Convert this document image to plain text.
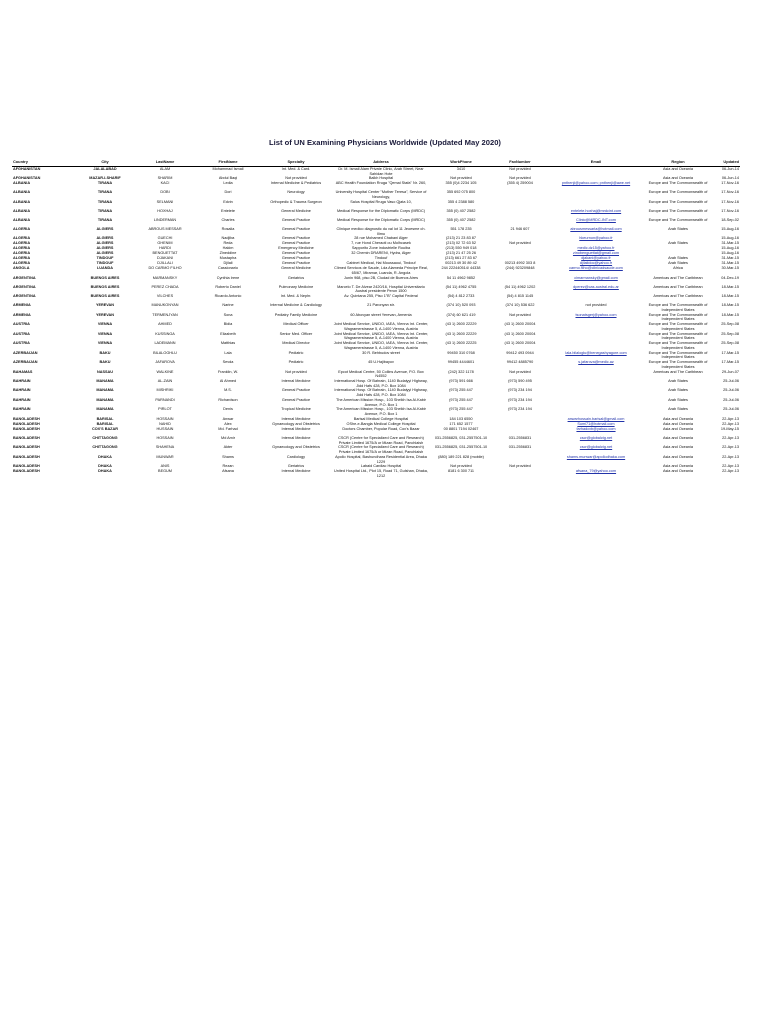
List of UN Examining Physicians Worldwide (Updated May 2020)
Country	City	LastName	FirstName	Specialty	Address	WorkPhone	FaxNumber	Email	Region	Updated
AFGHANISTAN	JALALABAD	ALAM	Mohammad Ismail	Int. Med. & Card.	Dr. M. Ismail Alam Private Clinic, Arab Street, Near Sahidan Hote	3410	Not provided		Asia and Oceania	06-Jun-14
AFGHANISTAN	MAZAR-I-SHARIF	SHARIM	Abdul Baqi	Not provided	Balkh Hospital	Not provided	Not provided		Asia and Oceania	06-Jun-14
ALBANIA	TIRANA	KACI	Ledia	Internal Medicine & Pediatrics	ABC Health Foundation Rruga "Qemal Stafa" Nr. 260,	355 (0)4 2234 105	(355 4) 259004	pnthenji@yahoo.com; pnthenji@awe.net	Europe and The Commonwealth of	17-Nov-16
ALBANIA	TIRANA	DOBI	Dori	Neurology	University Hospital Center "Mother Teresa", Service of Neurology,	355 692 075 800			Europe and The Commonwealth of	17-Nov-16
ALBANIA	TIRANA	SELMANI	Edvin	Orthopedic & Trauma Surgeon	Salus Hospital Rruga Vaso Qjata 10,	355 4 2388 580			Europe and The Commonwealth of	17-Nov-16
ALBANIA	TIRANA	HOXHAJ	Entelete	General Medicine	Medical Response for the Diplomatic Corps (MRDC)	355 (0) 407 2582		entelete.hoxhaj@mrdcint.com	Europe and The Commonwealth of	17-Nov-16
ALBANIA	TIRANA	LINDERMAN	Charles	General Practice	Medical Response for the Diplomatic Corps (MRDC)	355 (0) 407 2582		Clinic@MRDC-INT.com	Europe and The Commonwealth of	18-Sep-02
ALGERIA	ALGIERS	ABROUS MESSAR	Rosalia	General Practice	Clinique medico diagnostic du val lot 11 Jeoesme ch. Ilimu	551 178 235	21 946 607	abrousmessarla@hotmail.com	Arab States	15-Aug-16
ALGERIA	ALGIERS	GUECHI	Nadjiba	General Practice	28 rue Mohamed Chabani Alger	(213) 21 23 83 87		hkeurnon@yahoo.fr		15-Aug-16
ALGERIA	ALGIERS	GHENIM	Reda	General Practice	7, rue Hond Cheraoti ou Molhcasek	(213) 02 72 63 52	Not provided		Arab States	31-Mar-15
ALGERIA	ALGIERS	HARDI	Hakim	Emergency Medicine	Sapporito Zone industrielle Rouiba	(213) 550 949 018		medic.dz15@yahoo.fr		15-Aug-16
ALGERIA	ALGIERS	BENGUETTAT	Zineddine	General Practice	32 Chemin DRARENI, Hydra, Alger	(213) 21 47 25 26		zinobenguettat@gmail.com		15-Aug-16
ALGERIA	TINDOUF	DJAKANI	Mustapha	General Practice	Tindouf	(213) 661 27 83 67		djakani@yahoo.fr	Arab States	31-Mar-15
ALGERIA	TINDOUF	DJILLALI	Djilali	General Practice	Cabinet Medical, Hai Moussaoui, Tindouf	00213 49 30 89 42	00213 4992 303 8	djilalidoc@yahoo.fr	Arab States	31-Mar-15
ANGOLA	LUANDA	DO CARMO FILHO	Cassionario	General Medicine	Climed Servicos de Saude, Lda Alameda Principe Real, 65/67, Miramar, Luanda, R. Angola	244 222440514/ 44338	(244) 923209848	carmo.filho@clinicadsaude.com	Africa	30-Mar-15
ARGENTINA	BUENOS AIRES	MARMANSKY	Cynthia Irene	Geriatrics	Junin 968, piso 2B, Ciudad de Buenos Aires	54 11 4962 9852		cimarmansky@gmail.com	Americas and The Caribbean	04-Dec-19
ARGENTINA	BUENOS AIRES	PEREZ CHADA	Roberto Daniel	Pulmonary Medicine	Marcelo T. De Alvear 2420/16, Hospital Universitario Austral presidente Peron 1500	(54 11) 4962 4755	(54 11) 4962 1202	dperez@cas.austral.edu.ar	Americas and The Caribbean	18-Mar-15
ARGENTINA	BUENOS AIRES	VILCHES	Ricardo Antonio	Int. Med. & Nephr.	Av. Quintana 255, Piso 1"B" Capital Federal	(54) 4 812 2733	(54) 4 815 1145		Americas and The Caribbean	18-Mar-15
ARMENIA	YEREVAN	MANUKONYAN	Narine	Internal Medicine & Cardiology	21 Paronyan str.	(374 10) 520 093	(374 10) 536 622	not provided	Europe and The Commonwealth of Independent States	18-Mar-15
ARMENIA	YEREVAN	TERMENJYAN	Sona	Pediatry Family Medicine	60 Abovyan street Yerevan, Armenia	(374) 60 621 419	Not provided	tsonatsgerj@yahoo.com	Europe and The Commonwealth of Independent States	18-Mar-15
AUSTRIA	VIENNA	AHMED	Bidia	Medical Officer	Joint Medical Service, UNIDO, IAEA, Vienna Int. Center, Wagramerstrasse 5, A-1400 Vienna, Austria	(43 1) 2600 22229	(43 1) 2600 20004		Europe and The Commonwealth of Independent States	25-Sep-08
AUSTRIA	VIENNA	KUSSINGA	Elizabeth	Senior Med. Officer	Joint Medical Service, UNIDO, IAEA, Vienna Int. Center, Wagramerstrasse 5, A-1400 Vienna, Austria	(43 1) 2600 22229	(43 1) 2600 20004		Europe and The Commonwealth of Independent States	25-Sep-08
AUSTRIA	VIENNA	LADEMANN	Matthias	Medical Director	Joint Medical Service, UNIDO, IAEA, Vienna Int. Center, Wagramerstrasse 5, A-1400 Vienna, Austria	(43 1) 2600 22225	(43 1) 2600 20004		Europe and The Commonwealth of Independent States	25-Sep-08
AZERBAIJAN	BAKU	BILALOGHLU	Lala	Pediatric	30 R. Behbudov street	99450 310 0768	99412 493 0944	lala.bilaloglu@benegashyagore.com	Europe and The Commonwealth of Independent States	17-Mar-15
AZERBAIJAN	BAKU	JAFAROVA	Sevda	Pediatric	45 U.Hajibayov	99455 4444601	99412 4885790	s.jafarova@medic.az	Europe and The Commonwealth of Independent States	17-Mar-15
BAHAMAS	NASSAU	WALKINE	Franklin, W.	Not provided	Epcot Medical Centre, 50 Collins Avenue, P.O. Box N4552	(242) 322 1178	Not provided		Americas and The Caribbean	29-Jun-07
BAHRAIN	MANAMA	AL-ZAIN	Al Ahmed	Internal Medicine	International Hosp. Of Bahrain, 1140 Budaiyyi Highway, Jidd Hafs 428, P.O. Box 1084	(973) 591 666	(973) 590 495		Arab States	25-Jul-06
BAHRAIN	MANAMA	MISHRIKI	M.S.	General Practice	International Hosp. Of Bahrain, 1140 Budaiyyi Highway, Jidd Hafs 428, P.O. Box 1084	(973) 255 447	(973) 234 194		Arab States	25-Jul-06
BAHRAIN	MANAMA	PARNANDI	Richardson	General Practice	The American Mission Hosp., 103 Sheikh Isa Al-Kabir Avenue, P.O. Box 1	(973) 255 447	(973) 234 194		Arab States	25-Jul-06
BAHRAIN	MANAMA	PIRLOT	Denis	Tropical Medicine	The American Mission Hosp., 103 Sheikh Isa Al-Kabir Avenue, P.O. Box 1	(973) 255 447	(973) 234 194		Arab States	25-Jul-06
BANGLADESH	BARISAL	HOSSAIN	Anwar	Internal Medicine	Barisal Medical College Hospital	184 103 6550		anwarhossain.barisal@gmail.com	Asia and Oceania	22-Apr-13
BANGLADESH	BARISAL	NAHID	Alex	Gynaecology and Obstetrics	OShe-e-Bangla Medical College Hospital	171 652 1577		Sumi71@hotmail.com	Asia and Oceania	22-Apr-13
BANGLADESH	COX'S BAZAR	HUSSAIN	Md. Farhad	Internal Medicine	Doctors Chamber, Popular Road, Cox's Bazar	00 8801 7194 02467		farhadcxb@yahoo.com	Asia and Oceania	19-May-15
BANGLADESH	CHITTAGONG	HOSSAIN	Md Amir	Internal Medicine	CSCR (Centre for Specialized Care and Research) Private Limited 1675/A or Mizan Road, Panchlaish	031-2556825, 031-2557501-10	031-2556831	cscr@globalctg.net	Asia and Oceania	22-Apr-13
BANGLADESH	CHITTAGONG	SHAHENA	Akter	Gynaecology and Obstetrics	CSCR (Centre for Specialized Care and Research) Private Limited 1675/A or Mizan Road, Panchlaish	031-2556825, 031-2557501-10	031-2556831	cscr@globalctg.net	Asia and Oceania	22-Apr-13
BANGLADESH	DHAKA	MUNWAR	Shams	Cardiology	Apollo Hospital, Bashundhara Residential Area, Dhaka 1229	(880) 189 221 828 (mobile)		shams.munwar@apollodhaka.com	Asia and Oceania	22-Apr-13
BANGLADESH	DHAKA	ANIS	Rezan	Geriatrics	Labaid Cardiac Hospital	Not provided	Not provided		Asia and Oceania	22-Apr-13
BANGLADESH	DHAKA	BEGUM	Afsana	Internal Medicine	United Hospital Ltd., Plot 15, Road 71, Gulshan, Dhaka, 1212	8181 6 300 711		afsana_79@yahoo.com	Asia and Oceania	22-Apr-13
